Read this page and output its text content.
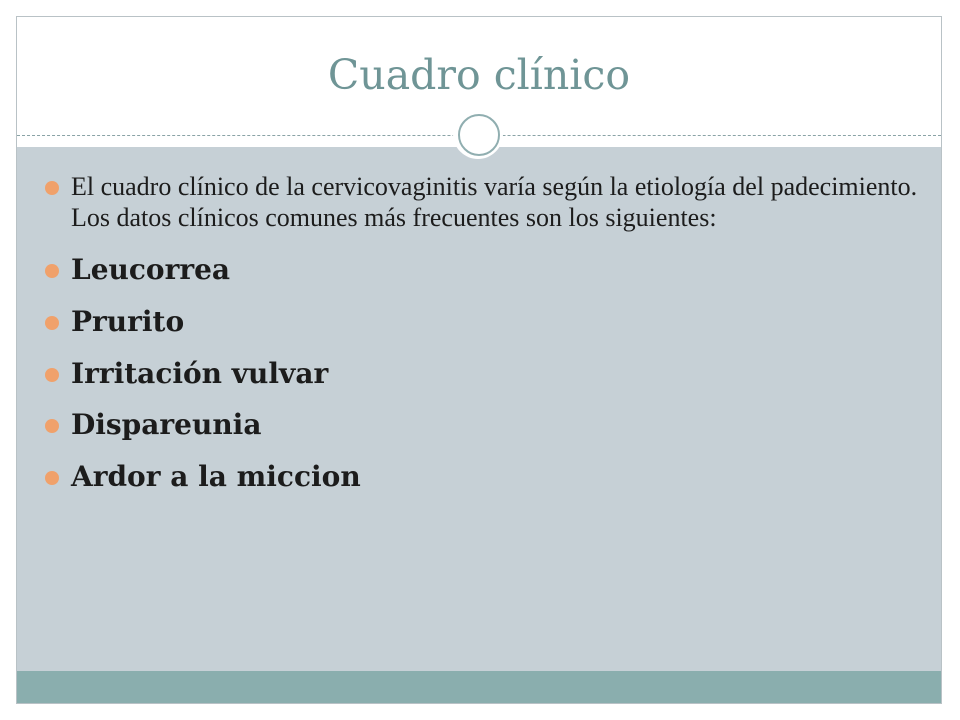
Cuadro clínico
El cuadro clínico de la cervicovaginitis varía según la etiología del padecimiento. Los datos clínicos comunes más frecuentes son los siguientes:
Leucorrea
Prurito
Irritación vulvar
Dispareunia
Ardor a la miccion
